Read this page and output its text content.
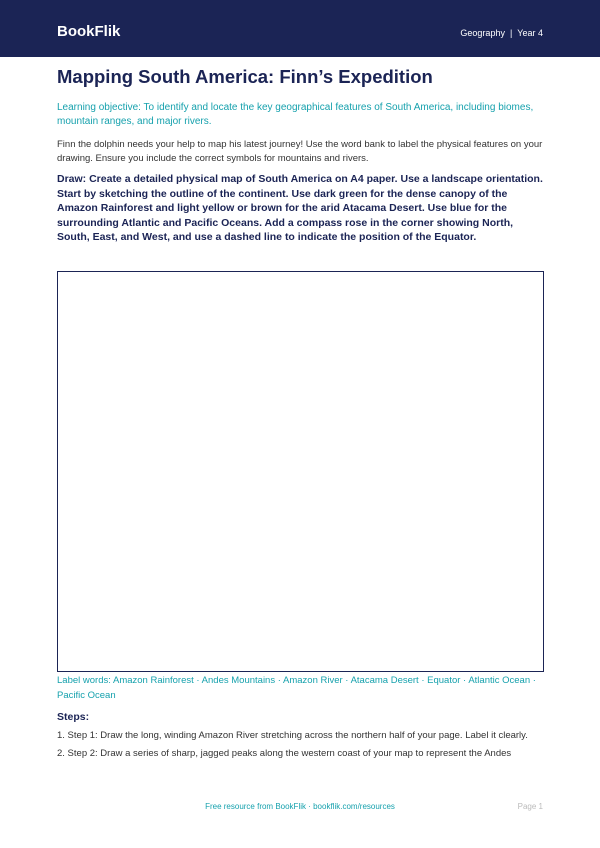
BookFlik	Geography | Year 4
Mapping South America: Finn’s Expedition

Learning objective: To identify and locate the key geographical features of South America, including biomes, mountain ranges, and major rivers.

Finn the dolphin needs your help to map his latest journey! Use the word bank to label the physical features on your drawing. Ensure you include the correct symbols for mountains and rivers.

Draw: Create a detailed physical map of South America on A4 paper. Use a landscape orientation. Start by sketching the outline of the continent. Use dark green for the dense canopy of the Amazon Rainforest and light yellow or brown for the arid Atacama Desert. Use blue for the surrounding Atlantic and Pacific Oceans. Add a compass rose in the corner showing North, South, East, and West, and use a dashed line to indicate the position of the Equator.

Label words: Amazon Rainforest · Andes Mountains · Amazon River · Atacama Desert · Equator · Atlantic Ocean · Pacific Ocean

Steps:

1. Step 1: Draw the long, winding Amazon River stretching across the northern half of your page. Label it clearly.
2. Step 2: Draw a series of sharp, jagged peaks along the western coast of your map to represent the Andes
Free resource from BookFlik · bookflik.com/resources	Page 1
